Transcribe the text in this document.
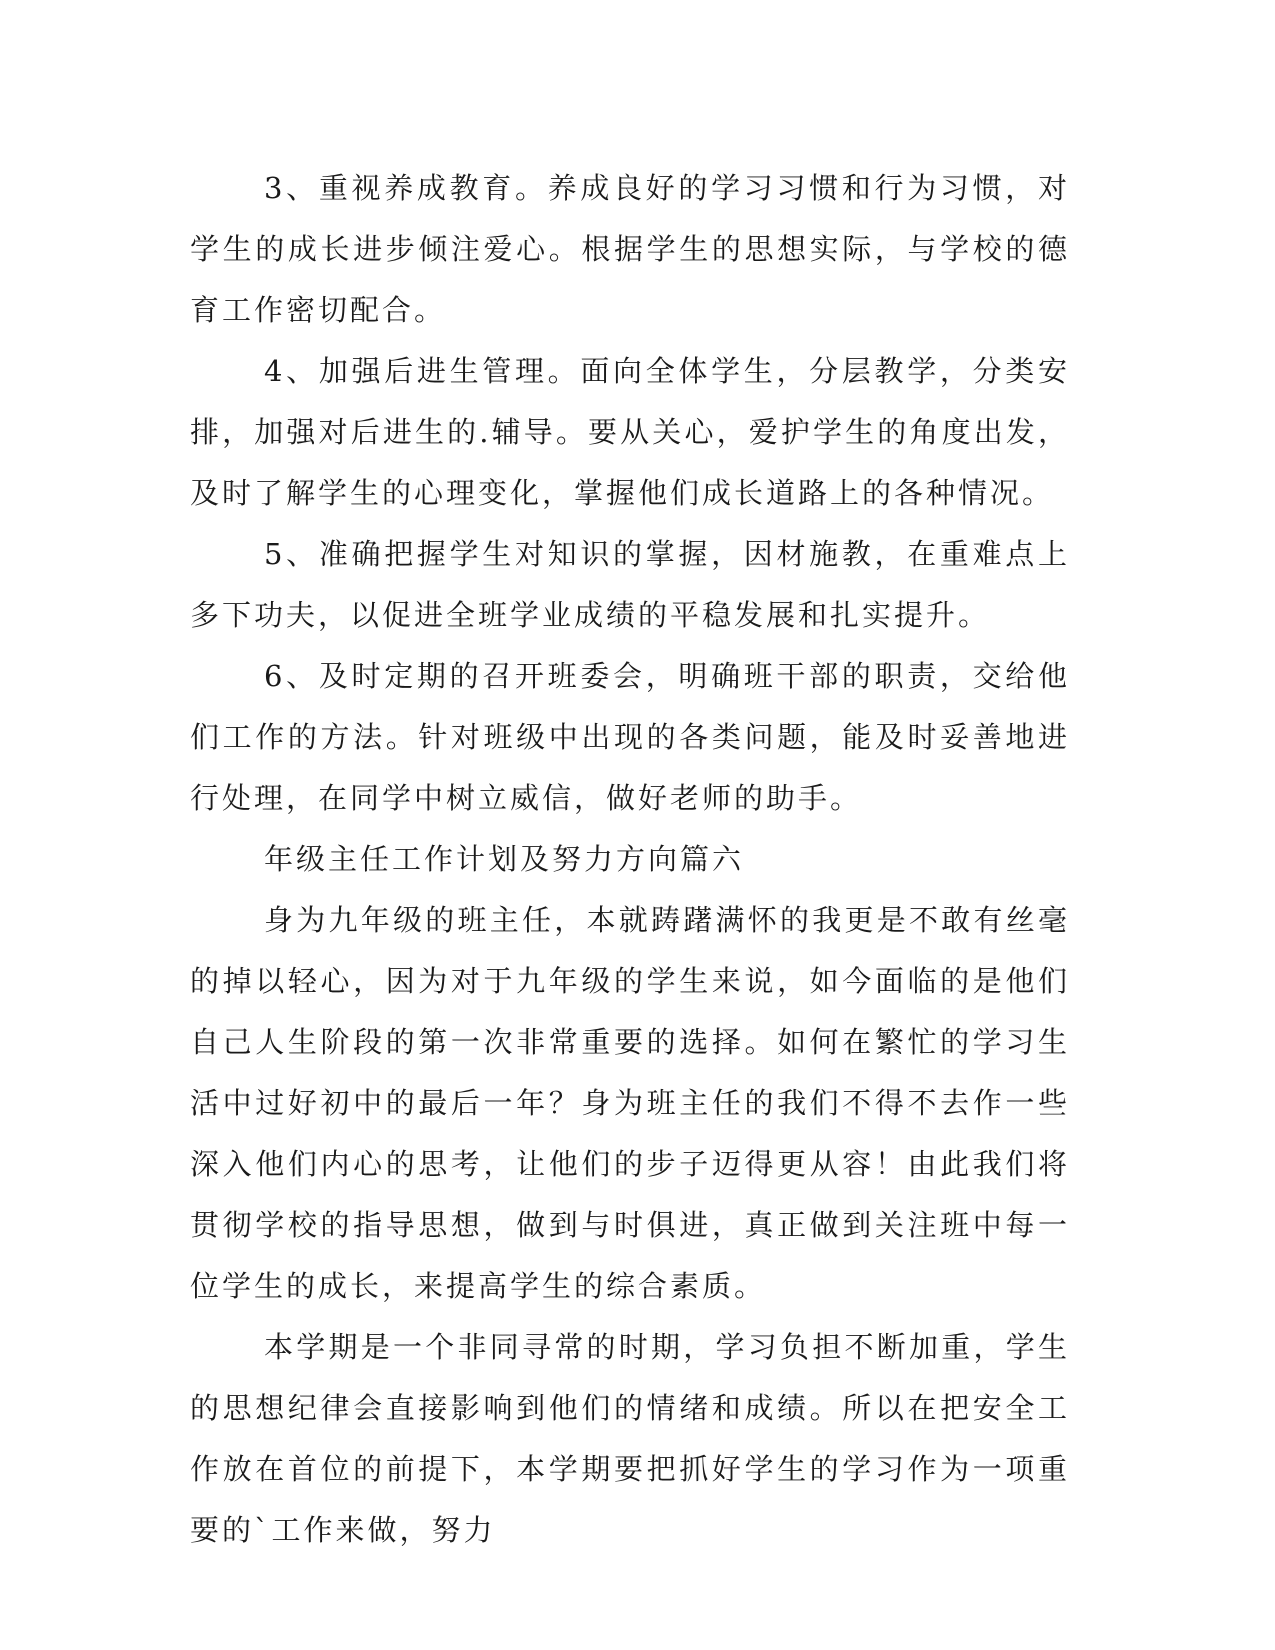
3、重视养成教育。养成良好的学习习惯和行为习惯，对学生的成长进步倾注爱心。根据学生的思想实际，与学校的德育工作密切配合。

4、加强后进生管理。面向全体学生，分层教学，分类安排，加强对后进生的.辅导。要从关心，爱护学生的角度出发，及时了解学生的心理变化，掌握他们成长道路上的各种情况。

5、准确把握学生对知识的掌握，因材施教，在重难点上多下功夫，以促进全班学业成绩的平稳发展和扎实提升。

6、及时定期的召开班委会，明确班干部的职责，交给他们工作的方法。针对班级中出现的各类问题，能及时妥善地进行处理，在同学中树立威信，做好老师的助手。

年级主任工作计划及努力方向篇六

身为九年级的班主任，本就踌躇满怀的我更是不敢有丝毫的掉以轻心，因为对于九年级的学生来说，如今面临的是他们自己人生阶段的第一次非常重要的选择。如何在繁忙的学习生活中过好初中的最后一年？身为班主任的我们不得不去作一些深入他们内心的思考，让他们的步子迈得更从容！由此我们将贯彻学校的指导思想，做到与时俱进，真正做到关注班中每一位学生的成长，来提高学生的综合素质。

本学期是一个非同寻常的时期，学习负担不断加重，学生的思想纪律会直接影响到他们的情绪和成绩。所以在把安全工作放在首位的前提下，本学期要把抓好学生的学习作为一项重要的`工作来做，努力
